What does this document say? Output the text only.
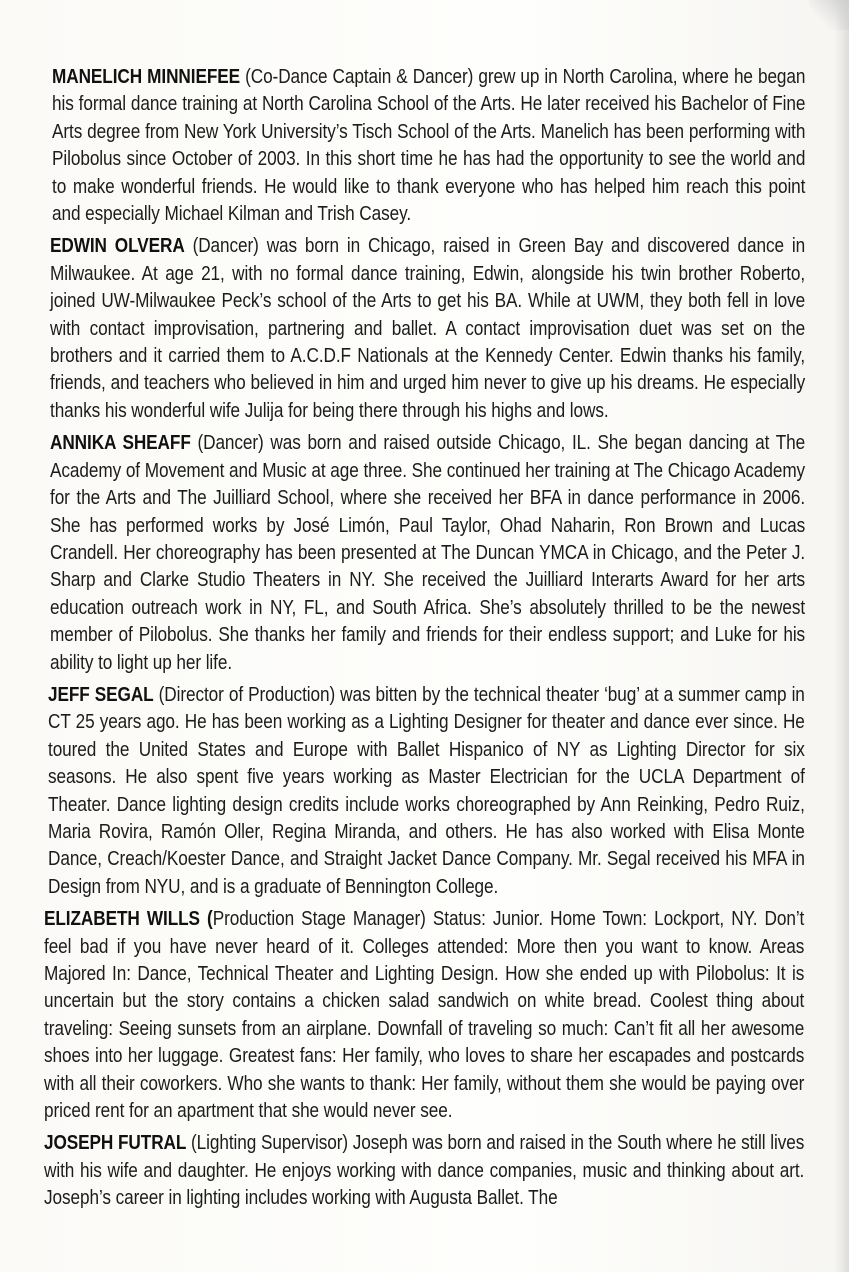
MANELICH MINNIEFEE (Co-Dance Captain & Dancer) grew up in North Carolina, where he began his formal dance training at North Carolina School of the Arts. He later received his Bachelor of Fine Arts degree from New York University’s Tisch School of the Arts. Manelich has been performing with Pilobolus since October of 2003. In this short time he has had the opportunity to see the world and to make wonderful friends. He would like to thank everyone who has helped him reach this point and especially Michael Kilman and Trish Casey.

EDWIN OLVERA (Dancer) was born in Chicago, raised in Green Bay and discovered dance in Milwaukee. At age 21, with no formal dance training, Edwin, alongside his twin brother Roberto, joined UW-Milwaukee Peck’s school of the Arts to get his BA. While at UWM, they both fell in love with contact improvisation, partnering and ballet. A contact improvisation duet was set on the brothers and it carried them to A.C.D.F Nationals at the Kennedy Center. Edwin thanks his family, friends, and teachers who believed in him and urged him never to give up his dreams. He especially thanks his wonderful wife Julija for being there through his highs and lows.

ANNIKA SHEAFF (Dancer) was born and raised outside Chicago, IL. She began dancing at The Academy of Movement and Music at age three. She continued her training at The Chicago Academy for the Arts and The Juilliard School, where she received her BFA in dance performance in 2006. She has performed works by José Limón, Paul Taylor, Ohad Naharin, Ron Brown and Lucas Crandell. Her choreography has been presented at The Duncan YMCA in Chicago, and the Peter J. Sharp and Clarke Studio Theaters in NY. She received the Juilliard Interarts Award for her arts education outreach work in NY, FL, and South Africa. She’s absolutely thrilled to be the newest member of Pilobolus. She thanks her family and friends for their endless support; and Luke for his ability to light up her life.

JEFF SEGAL (Director of Production) was bitten by the technical theater ‘bug’ at a summer camp in CT 25 years ago. He has been working as a Lighting Designer for theater and dance ever since. He toured the United States and Europe with Ballet Hispanico of NY as Lighting Director for six seasons. He also spent five years working as Master Electrician for the UCLA Department of Theater. Dance lighting design credits include works choreographed by Ann Reinking, Pedro Ruiz, Maria Rovira, Ramón Oller, Regina Miranda, and others. He has also worked with Elisa Monte Dance, Creach/Koester Dance, and Straight Jacket Dance Company. Mr. Segal received his MFA in Design from NYU, and is a graduate of Bennington College.

ELIZABETH WILLS (Production Stage Manager) Status: Junior. Home Town: Lockport, NY. Don’t feel bad if you have never heard of it. Colleges attended: More then you want to know. Areas Majored In: Dance, Technical Theater and Lighting Design. How she ended up with Pilobolus: It is uncertain but the story contains a chicken salad sandwich on white bread. Coolest thing about traveling: Seeing sunsets from an airplane. Downfall of traveling so much: Can’t fit all her awesome shoes into her luggage. Greatest fans: Her family, who loves to share her escapades and postcards with all their coworkers. Who she wants to thank: Her family, without them she would be paying over priced rent for an apartment that she would never see.

JOSEPH FUTRAL (Lighting Supervisor) Joseph was born and raised in the South where he still lives with his wife and daughter. He enjoys working with dance companies, music and thinking about art. Joseph’s career in lighting includes working with Augusta Ballet. The
